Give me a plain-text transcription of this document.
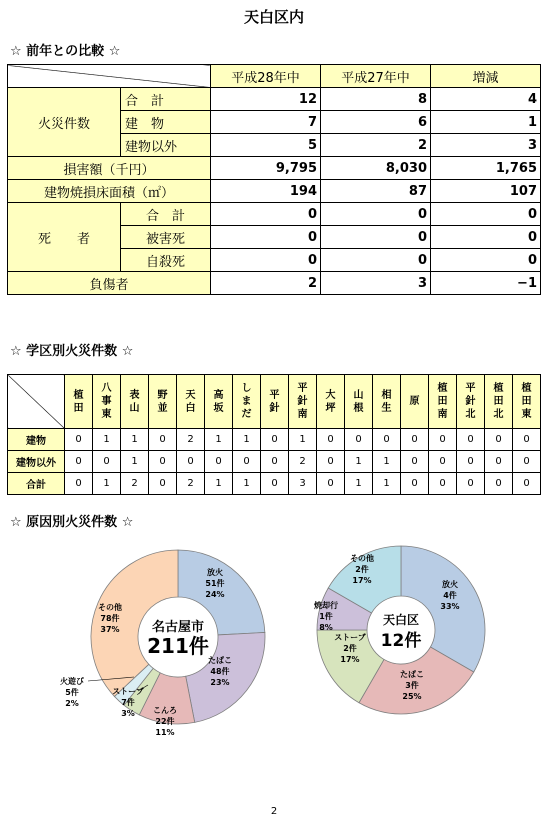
天白区内
☆ 前年との比較 ☆
		平成28年中	平成27年中	増減
火災件数	合　計	12	8	4
	建　物	7	6	1
	建物以外	5	2	3
損害額（千円）		9,795	8,030	1,765
建物焼損床面積（㎡）		194	87	107
死　　者	合　計	0	0	0
	被害死	0	0	0
	自殺死	0	0	0
負傷者		2	3	−1
☆ 学区別火災件数 ☆
	植田	八事東	表山	野並	天白	高坂	しまだ	平針	平針南	大坪	山根	相生	原	植田南	平針北	植田北	植田東
建物	0	1	1	0	2	1	1	0	1	0	0	0	0	0	0	0	0
建物以外	0	0	1	0	0	0	0	0	2	0	1	1	0	0	0	0	0
合計	0	1	2	0	2	1	1	0	3	0	1	1	0	0	0	0	0
☆ 原因別火災件数 ☆
放火
51件
24%
たばこ
48件
23%
こんろ
22件
11%
ストーブ
7件
3%
火遊び
5件
2%
その他
78件
37% 名古屋市
211件
放火
4件
33%
たばこ
3件
25%
ストーブ
2件
17%
焼却行
1件
8%
その他
2件
17%
天白区
12件
2
